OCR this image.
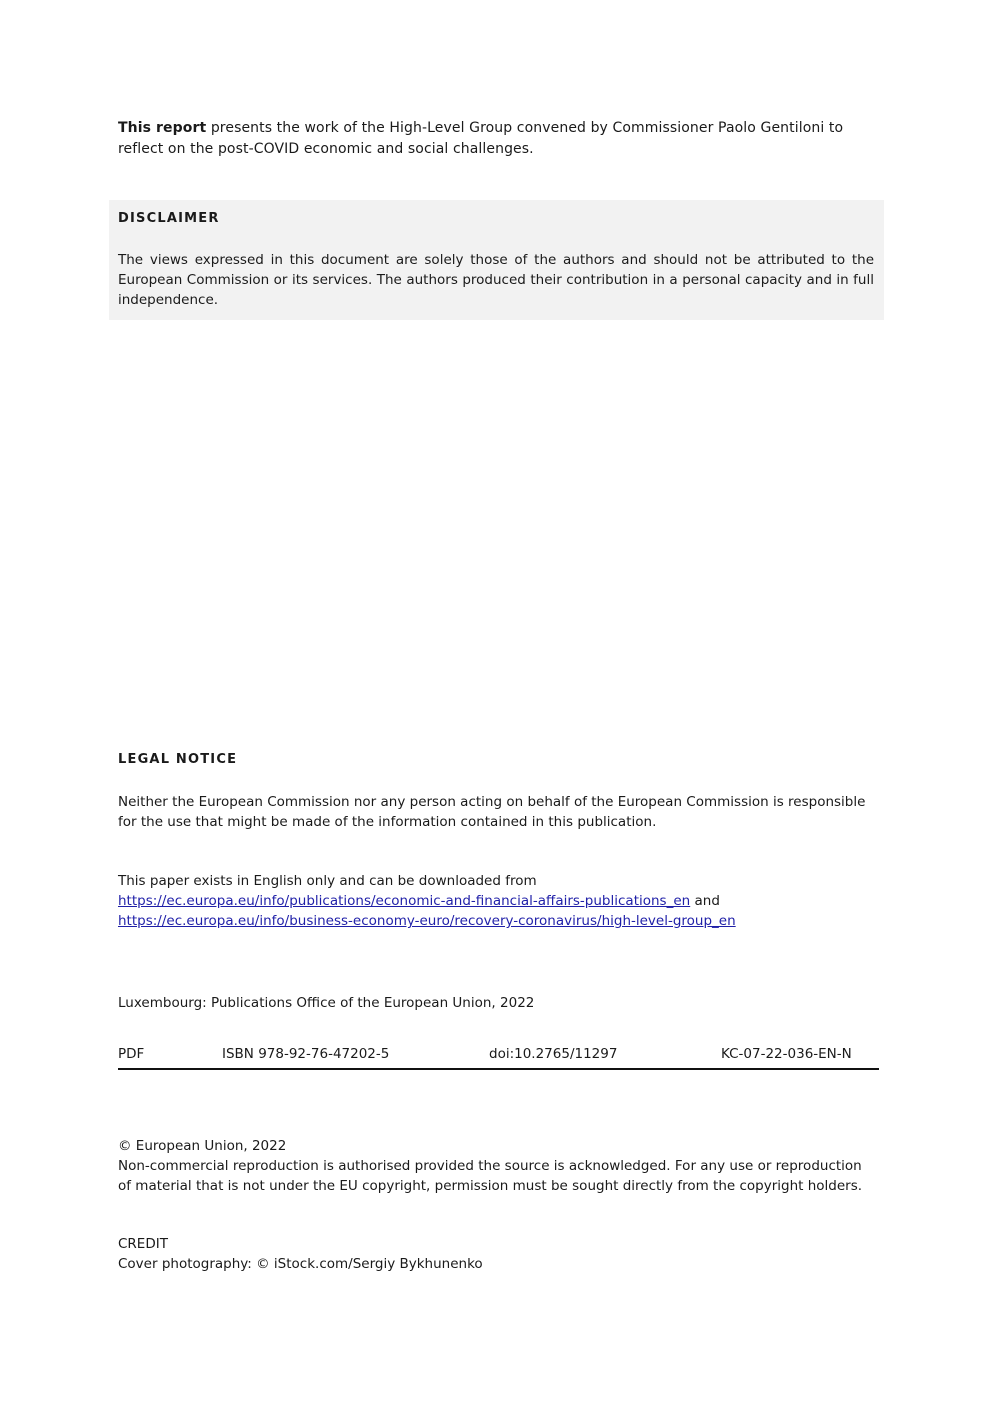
This report presents the work of the High-Level Group convened by Commissioner Paolo Gentiloni to reflect on the post-COVID economic and social challenges.
DISCLAIMER
The views expressed in this document are solely those of the authors and should not be attributed to the European Commission or its services. The authors produced their contribution in a personal capacity and in full independence.
LEGAL NOTICE
Neither the European Commission nor any person acting on behalf of the European Commission is responsible for the use that might be made of the information contained in this publication.
This paper exists in English only and can be downloaded from
https://ec.europa.eu/info/publications/economic-and-financial-affairs-publications_en and
https://ec.europa.eu/info/business-economy-euro/recovery-coronavirus/high-level-group_en
Luxembourg: Publications Office of the European Union, 2022
PDF	ISBN 978-92-76-47202-5	doi:10.2765/11297	KC-07-22-036-EN-N
© European Union, 2022
Non-commercial reproduction is authorised provided the source is acknowledged. For any use or reproduction
of material that is not under the EU copyright, permission must be sought directly from the copyright holders.
CREDIT
Cover photography: © iStock.com/Sergiy Bykhunenko
